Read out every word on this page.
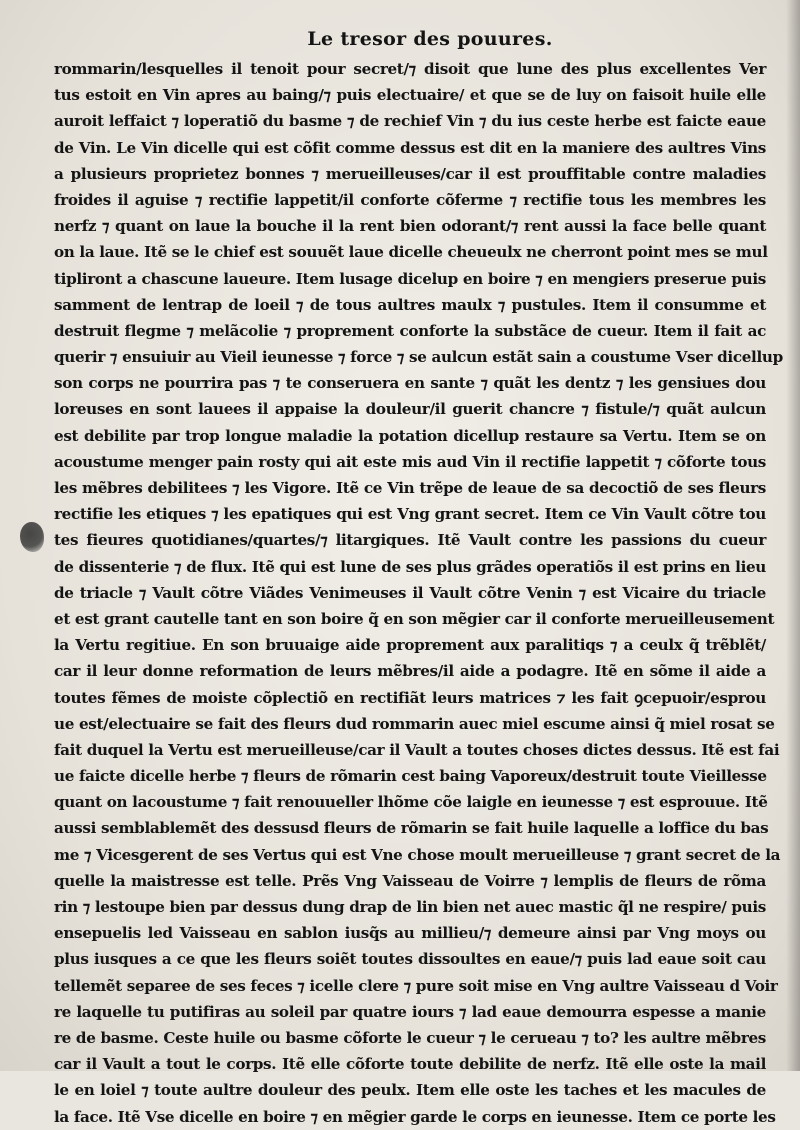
Le tresor des pouures.
rommarin/lesquelles il tenoit pour secret/⁊ disoit que lune des plus excellentes Ver
tus estoit en Vin apres au baing/⁊ puis electuaire/ et que se de luy on faisoit huile elle
auroit leffaict ⁊ loperatiõ du basme ⁊ de rechief Vin ⁊ du ius ceste herbe est faicte eaue
de Vin. Le Vin dicelle qui est cõfit comme dessus est dit en la maniere des aultres Vins
a plusieurs proprietez bonnes ⁊ merueilleuses/car il est prouffitable contre maladies
froides il aguise ⁊ rectifie lappetit/il conforte cõferme ⁊ rectifie tous les membres les
nerfz ⁊ quant on laue la bouche il la rent bien odorant/⁊ rent aussi la face belle quant
on la laue. Itẽ se le chief est souuẽt laue dicelle cheueulx ne cherront point mes se mul
tipliront a chascune laueure. Item lusage dicelup en boire ⁊ en mengiers preserue puis
samment de lentrap de loeil ⁊ de tous aultres maulx ⁊ pustules. Item il consumme et
destruit flegme ⁊ melãcolie ⁊ proprement conforte la substãce de cueur. Item il fait ac
querir ⁊ ensuiuir au Vieil ieunesse ⁊ force ⁊ se aulcun estãt sain a coustume Vser dicellup
son corps ne pourrira pas ⁊ te conseruera en sante ⁊ quãt les dentz ⁊ les gensiues dou
loreuses en sont lauees il appaise la douleur/il guerit chancre ⁊ fistule/⁊ quãt aulcun
est debilite par trop longue maladie la potation dicellup restaure sa Vertu. Item se on
acoustume menger pain rosty qui ait este mis aud Vin il rectifie lappetit ⁊ cõforte tous
les mẽbres debilitees ⁊ les Vigore. Itẽ ce Vin trẽpe de leaue de sa decoctiõ de ses fleurs
rectifie les etiques ⁊ les epatiques qui est Vng grant secret. Item ce Vin Vault cõtre tou
tes fieures quotidianes/quartes/⁊ litargiques. Itẽ Vault contre les passions du cueur
de dissenterie ⁊ de flux. Itẽ qui est lune de ses plus grãdes operatiõs il est prins en lieu
de triacle ⁊ Vault cõtre Viãdes Venimeuses il Vault cõtre Venin ⁊ est Vicaire du triacle
et est grant cautelle tant en son boire q̃ en son mẽgier car il conforte merueilleusement
la Vertu regitiue. En son bruuaige aide proprement aux paralitiqs ⁊ a ceulx q̃ trẽblẽt/
car il leur donne reformation de leurs mẽbres/il aide a podagre. Itẽ en sõme il aide a
toutes fẽmes de moiste cõplectiõ en rectifiãt leurs matrices ⁊ les fait ꝯcepuoir/esprou
ue est/electuaire se fait des fleurs dud rommarin auec miel escume ainsi q̃ miel rosat se
fait duquel la Vertu est merueilleuse/car il Vault a toutes choses dictes dessus. Itẽ est fai
ue faicte dicelle herbe ⁊ fleurs de rõmarin cest baing Vaporeux/destruit toute Vieillesse
quant on lacoustume ⁊ fait renouueller lhõme cõe laigle en ieunesse ⁊ est esprouue. Itẽ
aussi semblablemẽt des dessusd fleurs de rõmarin se fait huile laquelle a loffice du bas
me ⁊ Vicesgerent de ses Vertus qui est Vne chose moult merueilleuse ⁊ grant secret de la
quelle la maistresse est telle. Prẽs Vng Vaisseau de Voirre ⁊ lemplis de fleurs de rõma
rin ⁊ lestoupe bien par dessus dung drap de lin bien net auec mastic q̃l ne respire/ puis
ensepuelis led Vaisseau en sablon iusq̃s au millieu/⁊ demeure ainsi par Vng moys ou
plus iusques a ce que les fleurs soiẽt toutes dissoultes en eaue/⁊ puis lad eaue soit cau
tellemẽt separee de ses feces ⁊ icelle clere ⁊ pure soit mise en Vng aultre Vaisseau d Voir
re laquelle tu putifiras au soleil par quatre iours ⁊ lad eaue demourra espesse a manie
re de basme. Ceste huile ou basme cõforte le cueur ⁊ le cerueau ⁊ to? les aultre mẽbres
car il Vault a tout le corps. Itẽ elle cõforte toute debilite de nerfz. Itẽ elle oste la mail
le en loiel ⁊ toute aultre douleur des peulx. Item elle oste les taches et les macules de
la face. Itẽ Vse dicelle en boire ⁊ en mẽgier garde le corps en ieunesse. Item ce porte les
